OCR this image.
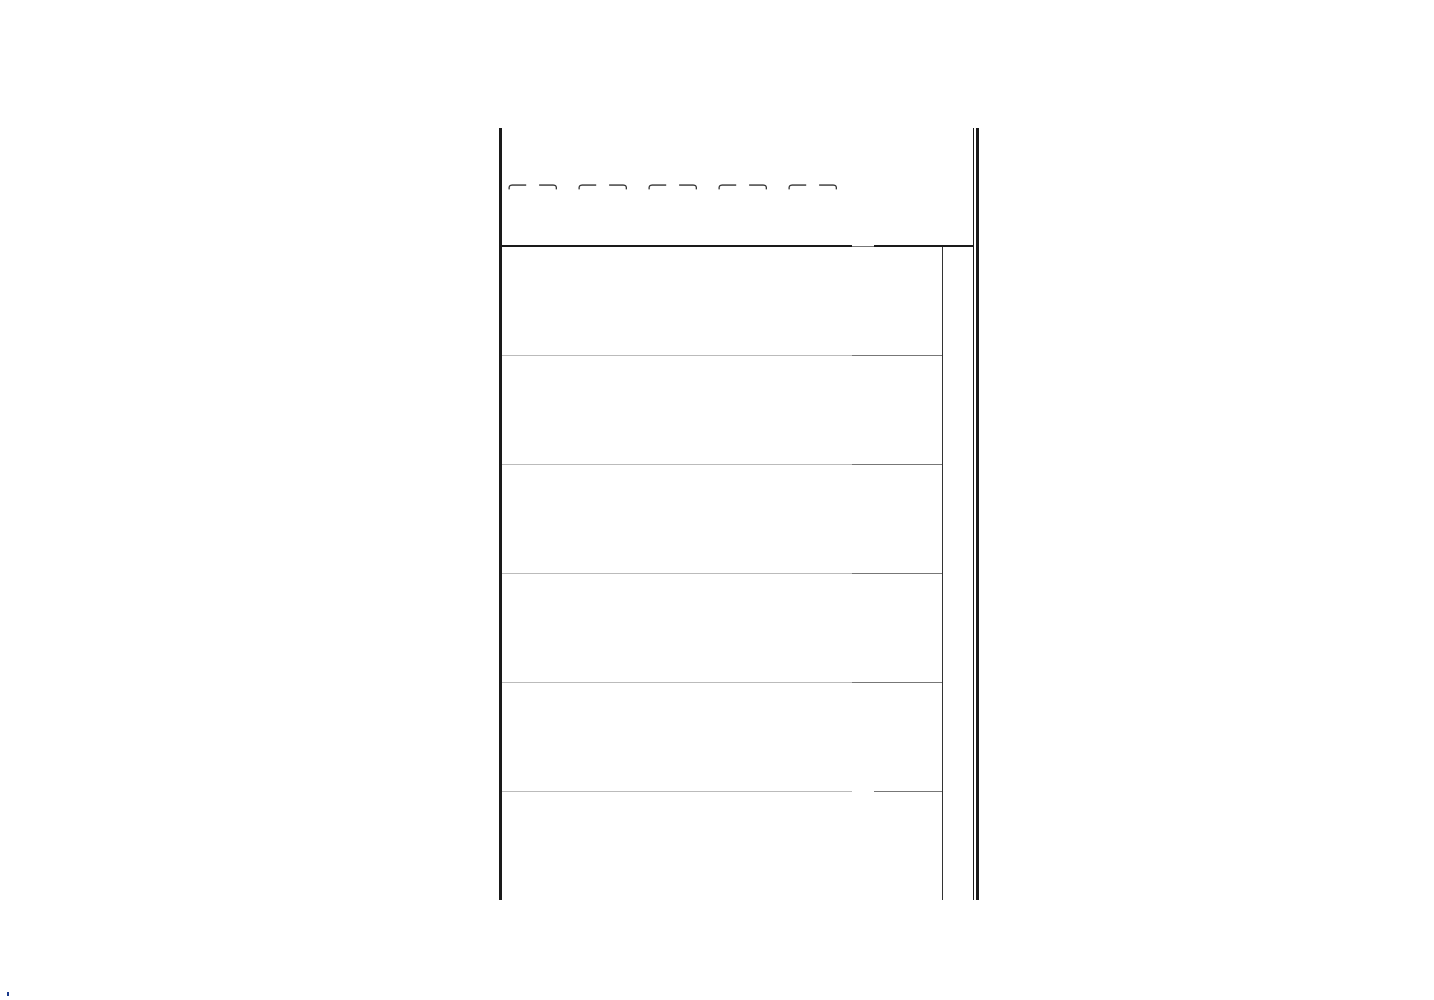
⎧						
⎩						
⎧						
⎩						
⎧						
⎩						
⎧						
⎩						
⎧						
⎩						
